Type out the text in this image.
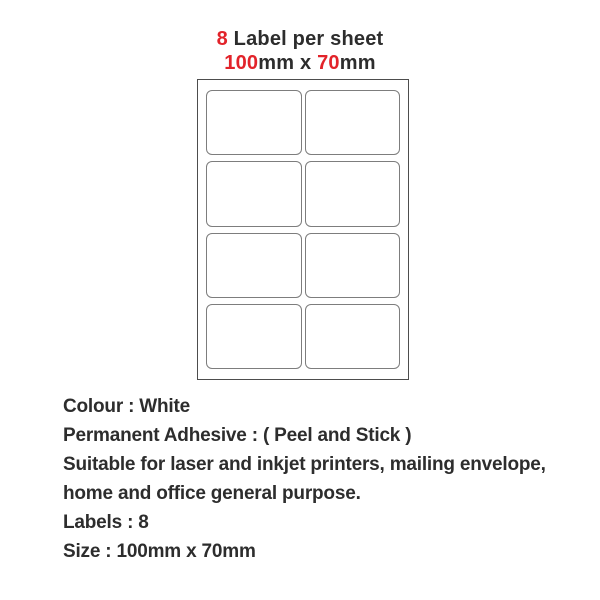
8 Label per sheet
100mm x 70mm
Colour : White
Permanent Adhesive : ( Peel and Stick )
Suitable for laser and inkjet printers, mailing envelope,
home and office general purpose.
Labels : 8
Size : 100mm x 70mm
